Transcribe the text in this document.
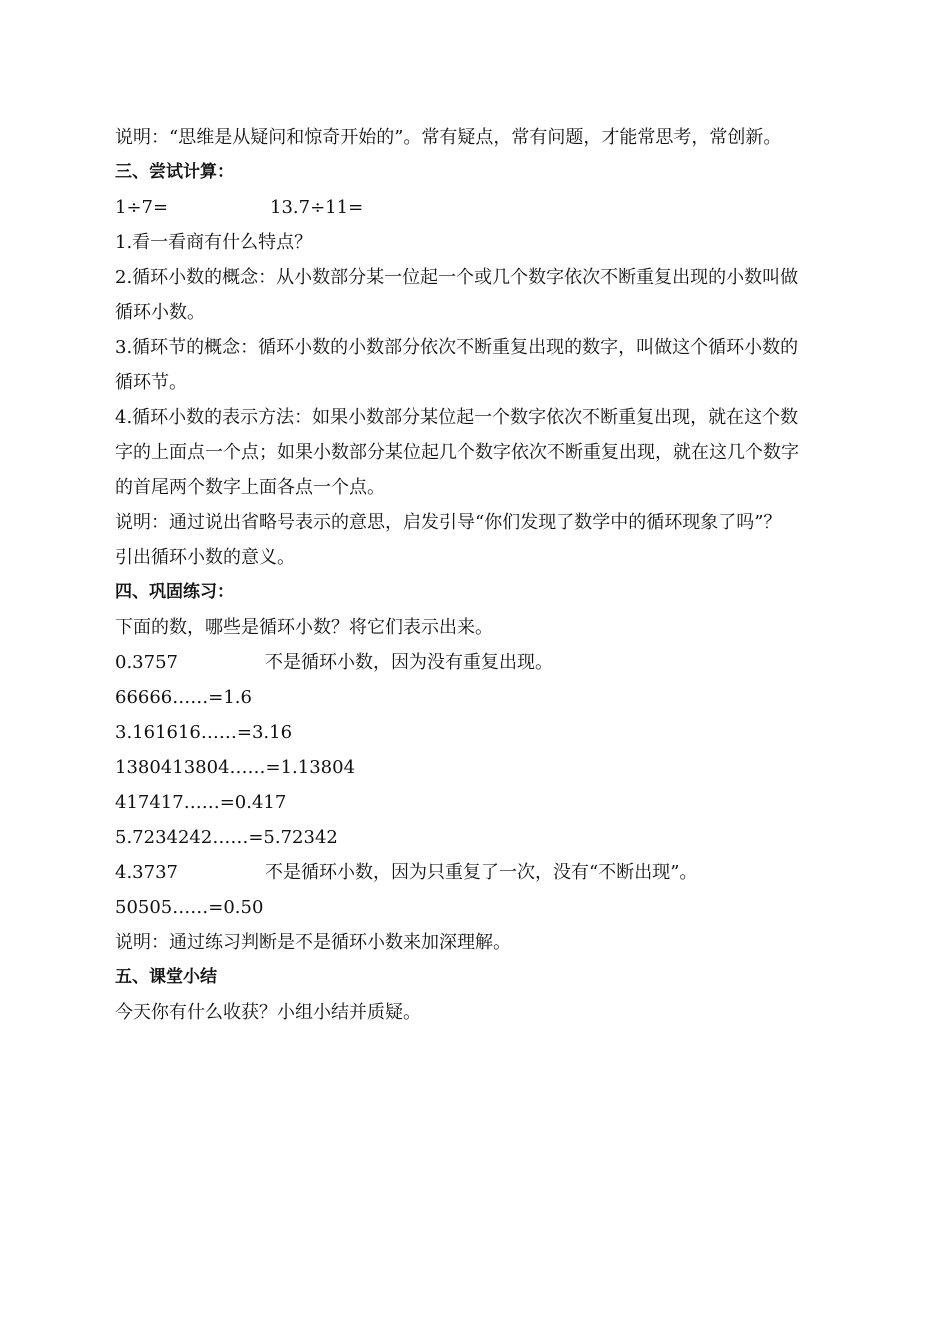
说明：“思维是从疑问和惊奇开始的”。常有疑点，常有问题，才能常思考，常创新。
三、尝试计算：
1÷7=	13.7÷11=
1.看一看商有什么特点？
2.循环小数的概念：从小数部分某一位起一个或几个数字依次不断重复出现的小数叫做
循环小数。
3.循环节的概念：循环小数的小数部分依次不断重复出现的数字，叫做这个循环小数的
循环节。
4.循环小数的表示方法：如果小数部分某位起一个数字依次不断重复出现，就在这个数
字的上面点一个点；如果小数部分某位起几个数字依次不断重复出现，就在这几个数字
的首尾两个数字上面各点一个点。
说明：通过说出省略号表示的意思，启发引导“你们发现了数学中的循环现象了吗”？
引出循环小数的意义。
四、巩固练习：
下面的数，哪些是循环小数？将它们表示出来。
0.3757	不是循环小数，因为没有重复出现。
66666……=1.6
3.161616……=3.16
1380413804……=1.13804
417417……=0.417
5.7234242……=5.72342
4.3737	不是循环小数，因为只重复了一次，没有“不断出现”。
50505……=0.50
说明：通过练习判断是不是循环小数来加深理解。
五、课堂小结
今天你有什么收获？小组小结并质疑。
